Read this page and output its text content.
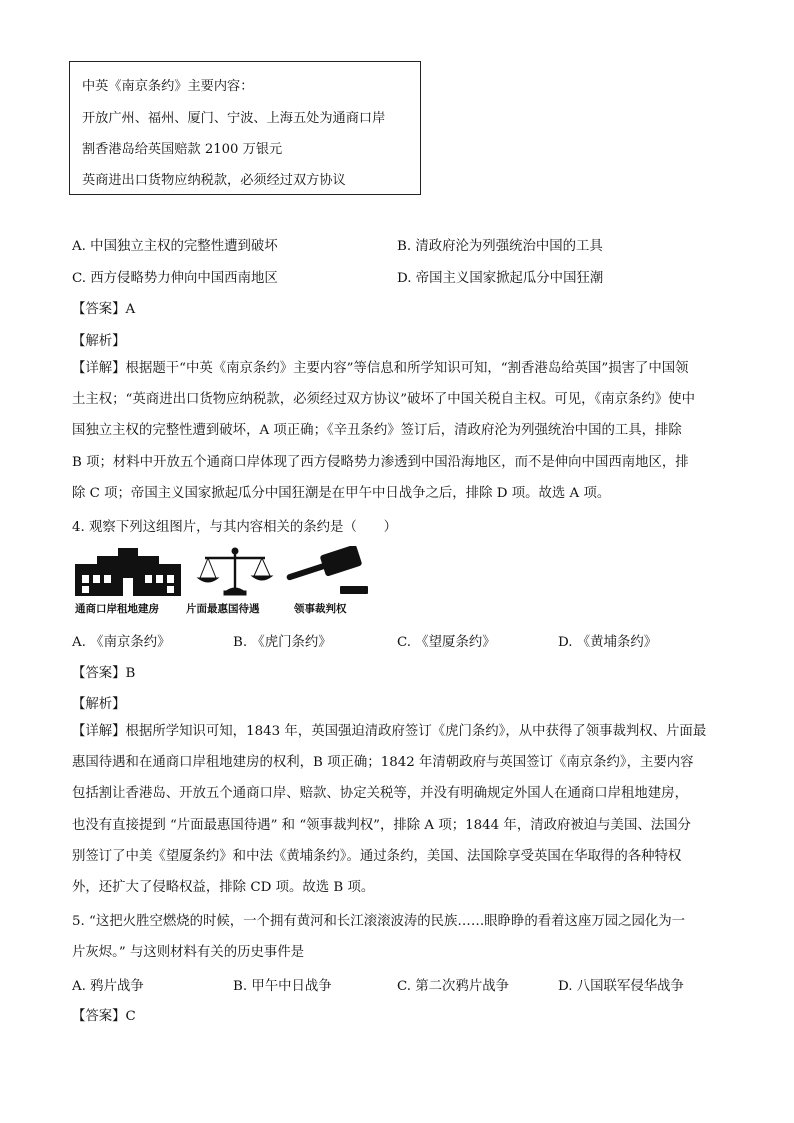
中英《南京条约》主要内容：
开放广州、福州、厦门、宁波、上海五处为通商口岸
割香港岛给英国赔款 2100 万银元
英商进出口货物应纳税款，必须经过双方协议
A. 中国独立主权的完整性遭到破坏	B. 清政府沦为列强统治中国的工具
C. 西方侵略势力伸向中国西南地区	D. 帝国主义国家掀起瓜分中国狂潮
【答案】A
【解析】
【详解】根据题干“中英《南京条约》主要内容”等信息和所学知识可知，“割香港岛给英国”损害了中国领
土主权；“英商进出口货物应纳税款，必须经过双方协议”破坏了中国关税自主权。可见，《南京条约》使中
国独立主权的完整性遭到破坏，A 项正确；《辛丑条约》签订后，清政府沦为列强统治中国的工具，排除
B 项；材料中开放五个通商口岸体现了西方侵略势力渗透到中国沿海地区，而不是伸向中国西南地区，排
除 C 项；帝国主义国家掀起瓜分中国狂潮是在甲午中日战争之后，排除 D 项。故选 A 项。
4. 观察下列这组图片，与其内容相关的条约是（　　）
通商口岸租地建房	片面最惠国待遇	领事裁判权
A. 《南京条约》	B. 《虎门条约》	C. 《望厦条约》	D. 《黄埔条约》
【答案】B
【解析】
【详解】根据所学知识可知，1843 年，英国强迫清政府签订《虎门条约》，从中获得了领事裁判权、片面最
惠国待遇和在通商口岸租地建房的权利，B 项正确；1842 年清朝政府与英国签订《南京条约》，主要内容
包括割让香港岛、开放五个通商口岸、赔款、协定关税等，并没有明确规定外国人在通商口岸租地建房，
也没有直接提到 “片面最惠国待遇” 和 “领事裁判权”，排除 A 项；1844 年，清政府被迫与美国、法国分
别签订了中美《望厦条约》和中法《黄埔条约》。通过条约，美国、法国除享受英国在华取得的各种特权
外，还扩大了侵略权益，排除 CD 项。故选 B 项。
5. “这把火胜空燃烧的时候，一个拥有黄河和长江滚滚波涛的民族……眼睁睁的看着这座万园之园化为一
片灰烬。” 与这则材料有关的历史事件是
A. 鸦片战争	B. 甲午中日战争	C. 第二次鸦片战争	D. 八国联军侵华战争
【答案】C
